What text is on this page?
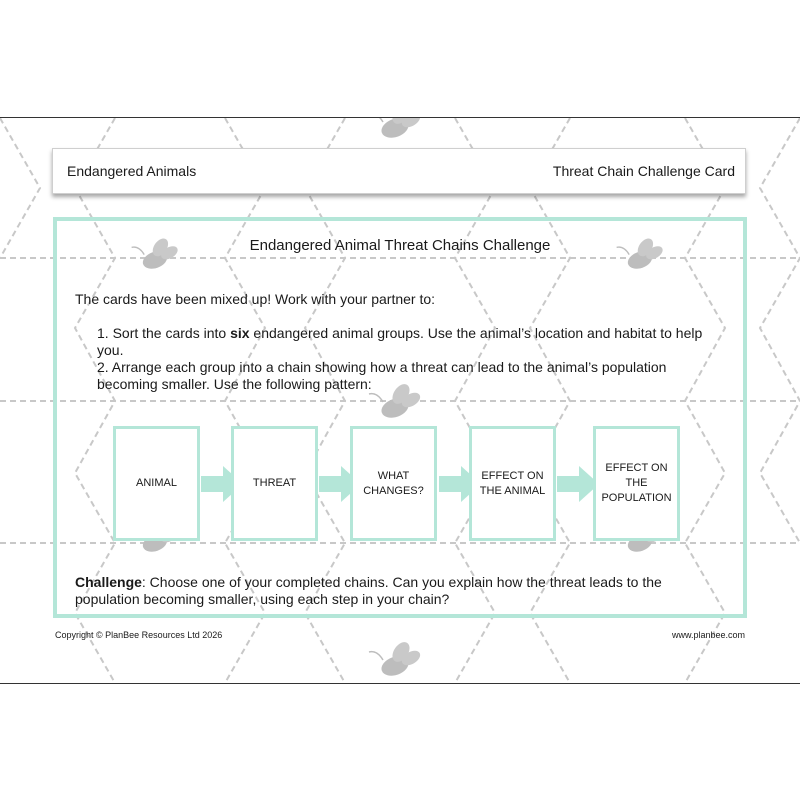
Endangered Animals	Threat Chain Challenge Card
Endangered Animal Threat Chains Challenge
The cards have been mixed up! Work with your partner to:

1. Sort the cards into six endangered animal groups. Use the animal’s location and habitat to help you.

2. Arrange each group into a chain showing how a threat can lead to the animal’s population becoming smaller. Use the following pattern:

ANIMAL	THREAT
WHAT
CHANGES?
EFFECT ON
THE ANIMAL
EFFECT ON
THE
POPULATION
Challenge: Choose one of your completed chains. Can you explain how the threat leads to the population becoming smaller, using each step in your chain?
Copyright © PlanBee Resources Ltd 2026	www.planbee.com
